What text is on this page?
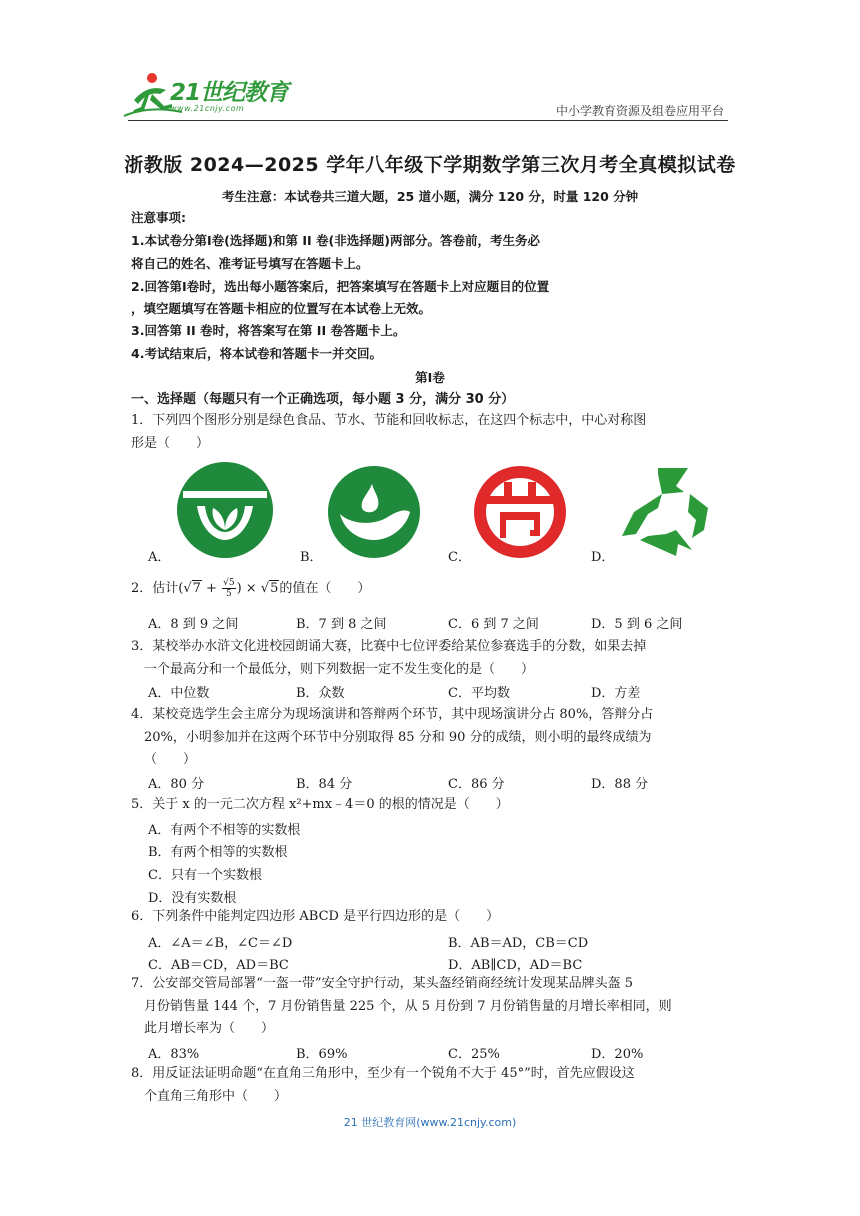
21世纪教育
www.21cnjy.com	中小学教育资源及组卷应用平台
浙教版 2024—2025 学年八年级下学期数学第三次月考全真模拟试卷
考生注意：本试卷共三道大题，25 道小题，满分 120 分，时量 120 分钟
注意事项:
1.本试卷分第Ⅰ卷(选择题)和第 II 卷(非选择题)两部分。答卷前，考生务必
将自己的姓名、准考证号填写在答题卡上。
2.回答第Ⅰ卷时，选出每小题答案后，把答案填写在答题卡上对应题目的位置
，填空题填写在答题卡相应的位置写在本试卷上无效。
3.回答第 II 卷时，将答案写在第 II 卷答题卡上。
4.考试结束后，将本试卷和答题卡一并交回。
第Ⅰ卷
一、选择题（每题只有一个正确选项，每小题 3 分，满分 30 分）
1．下列四个图形分别是绿色食品、节水、节能和回收标志，在这四个标志中，中心对称图
形是（　　）
A．	B．	C．	D．
2．估计($√7 + \frac{√5}{5}$ ) × √5的值在（　　）
A．8 到 9 之间	B．7 到 8 之间	C．6 到 7 之间	D．5 到 6 之间
3．某校举办水浒文化进校园朗诵大赛，比赛中七位评委给某位参赛选手的分数，如果去掉
一个最高分和一个最低分，则下列数据一定不发生变化的是（　　）
A．中位数	B．众数	C．平均数	D．方差
4．某校竞选学生会主席分为现场演讲和答辩两个环节，其中现场演讲分占 80%，答辩分占
20%，小明参加并在这两个环节中分别取得 85 分和 90 分的成绩，则小明的最终成绩为
（　　）
A．80 分	B．84 分	C．86 分	D．88 分
5．关于 x 的一元二次方程 x²+mx﹣4＝0 的根的情况是（　　）
A．有两个不相等的实数根
B．有两个相等的实数根
C．只有一个实数根
D．没有实数根
6．下列条件中能判定四边形 ABCD 是平行四边形的是（　　）
A．∠A＝∠B，∠C＝∠D	B．AB＝AD，CB＝CD
C．AB＝CD，AD＝BC	D．AB∥CD，AD＝BC
7．公安部交管局部署“一盔一带”安全守护行动，某头盔经销商经统计发现某品牌头盔 5
月份销售量 144 个，7 月份销售量 225 个，从 5 月份到 7 月份销售量的月增长率相同，则
此月增长率为（　　）
A．83%	B．69%	C．25%	D．20%
8．用反证法证明命题“在直角三角形中，至少有一个锐角不大于 45°”时，首先应假设这
个直角三角形中（　　）
21 世纪教育网(www.21cnjy.com)
